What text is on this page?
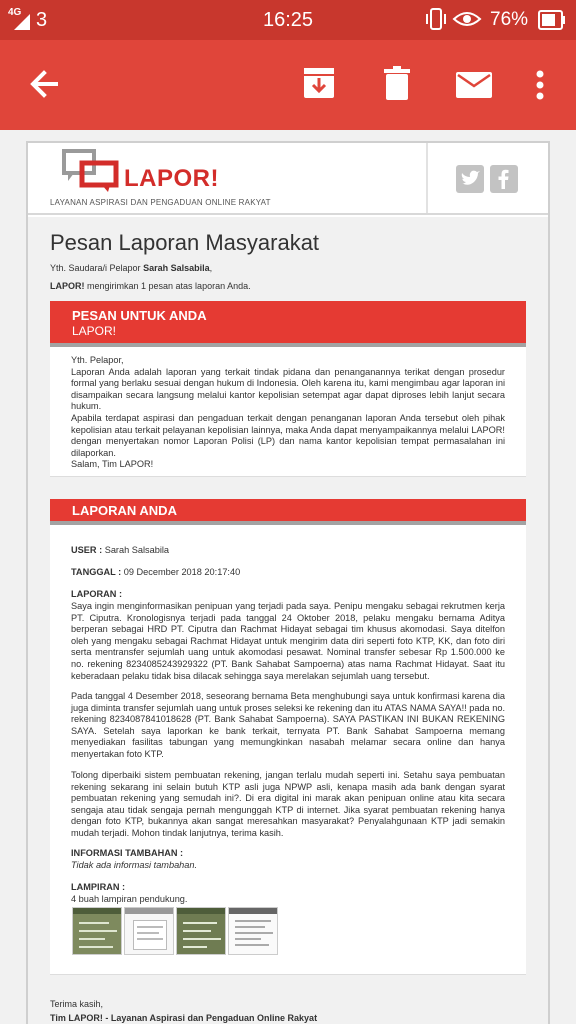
4G 3	16:25	76%
LAPOR!
LAYANAN ASPIRASI DAN PENGADUAN ONLINE RAKYAT
Pesan Laporan Masyarakat
Yth. Saudara/i Pelapor Sarah Salsabila,
LAPOR! mengirimkan 1 pesan atas laporan Anda.
PESAN UNTUK ANDA
LAPOR!
Yth. Pelapor,
Laporan Anda adalah laporan yang terkait tindak pidana dan penanganannya terikat dengan prosedur formal yang berlaku sesuai dengan hukum di Indonesia. Oleh karena itu, kami mengimbau agar laporan ini disampaikan secara langsung melalui kantor kepolisian setempat agar dapat diproses lebih lanjut secara hukum.
Apabila terdapat aspirasi dan pengaduan terkait dengan penanganan laporan Anda tersebut oleh pihak kepolisian atau terkait pelayanan kepolisian lainnya, maka Anda dapat menyampaikannya melalui LAPOR! dengan menyertakan nomor Laporan Polisi (LP) dan nama kantor kepolisian tempat permasalahan ini dilaporkan.
Salam, Tim LAPOR!
LAPORAN ANDA
USER : Sarah Salsabila
TANGGAL : 09 December 2018 20:17:40
LAPORAN :
Saya ingin menginformasikan penipuan yang terjadi pada saya. Penipu mengaku sebagai rekrutmen kerja PT. Ciputra. Kronologisnya terjadi pada tanggal 24 Oktober 2018, pelaku mengaku bernama Aditya berperan sebagai HRD PT. Ciputra dan Rachmat Hidayat sebagai tim khusus akomodasi. Saya ditelfon oleh yang mengaku sebagai Rachmat Hidayat untuk mengirim data diri seperti foto KTP, KK, dan foto diri serta mentransfer sejumlah uang untuk akomodasi pesawat. Nominal transfer sebesar Rp 1.500.000 ke no. rekening 8234085243929322 (PT. Bank Sahabat Sampoerna) atas nama Rachmat Hidayat. Saat itu keberadaan pelaku tidak bisa dilacak sehingga saya merelakan sejumlah uang tersebut.
Pada tanggal 4 Desember 2018, seseorang bernama Beta menghubungi saya untuk konfirmasi karena dia juga diminta transfer sejumlah uang untuk proses seleksi ke rekening dan itu ATAS NAMA SAYA!! pada no. rekening 8234087841018628 (PT. Bank Sahabat Sampoerna). SAYA PASTIKAN INI BUKAN REKENING SAYA. Setelah saya laporkan ke bank terkait, ternyata PT. Bank Sahabat Sampoerna memang menyediakan fasilitas tabungan yang memungkinkan nasabah melamar secara online dan hanya menyertakan foto KTP.
Tolong diperbaiki sistem pembuatan rekening, jangan terlalu mudah seperti ini. Setahu saya pembuatan rekening sekarang ini selain butuh KTP asli juga NPWP asli, kenapa masih ada bank dengan syarat pembuatan rekening yang semudah ini?. Di era digital ini marak akan penipuan online atau kita secara sengaja atau tidak sengaja pernah mengunggah KTP di internet. Jika syarat pembuatan rekening hanya dengan foto KTP, bukannya akan sangat meresahkan masyarakat? Penyalahgunaan KTP jadi semakin mudah terjadi. Mohon tindak lanjutnya, terima kasih.
INFORMASI TAMBAHAN :
Tidak ada informasi tambahan.
LAMPIRAN :
4 buah lampiran pendukung.
Terima kasih,
Tim LAPOR! - Layanan Aspirasi dan Pengaduan Online Rakyat
